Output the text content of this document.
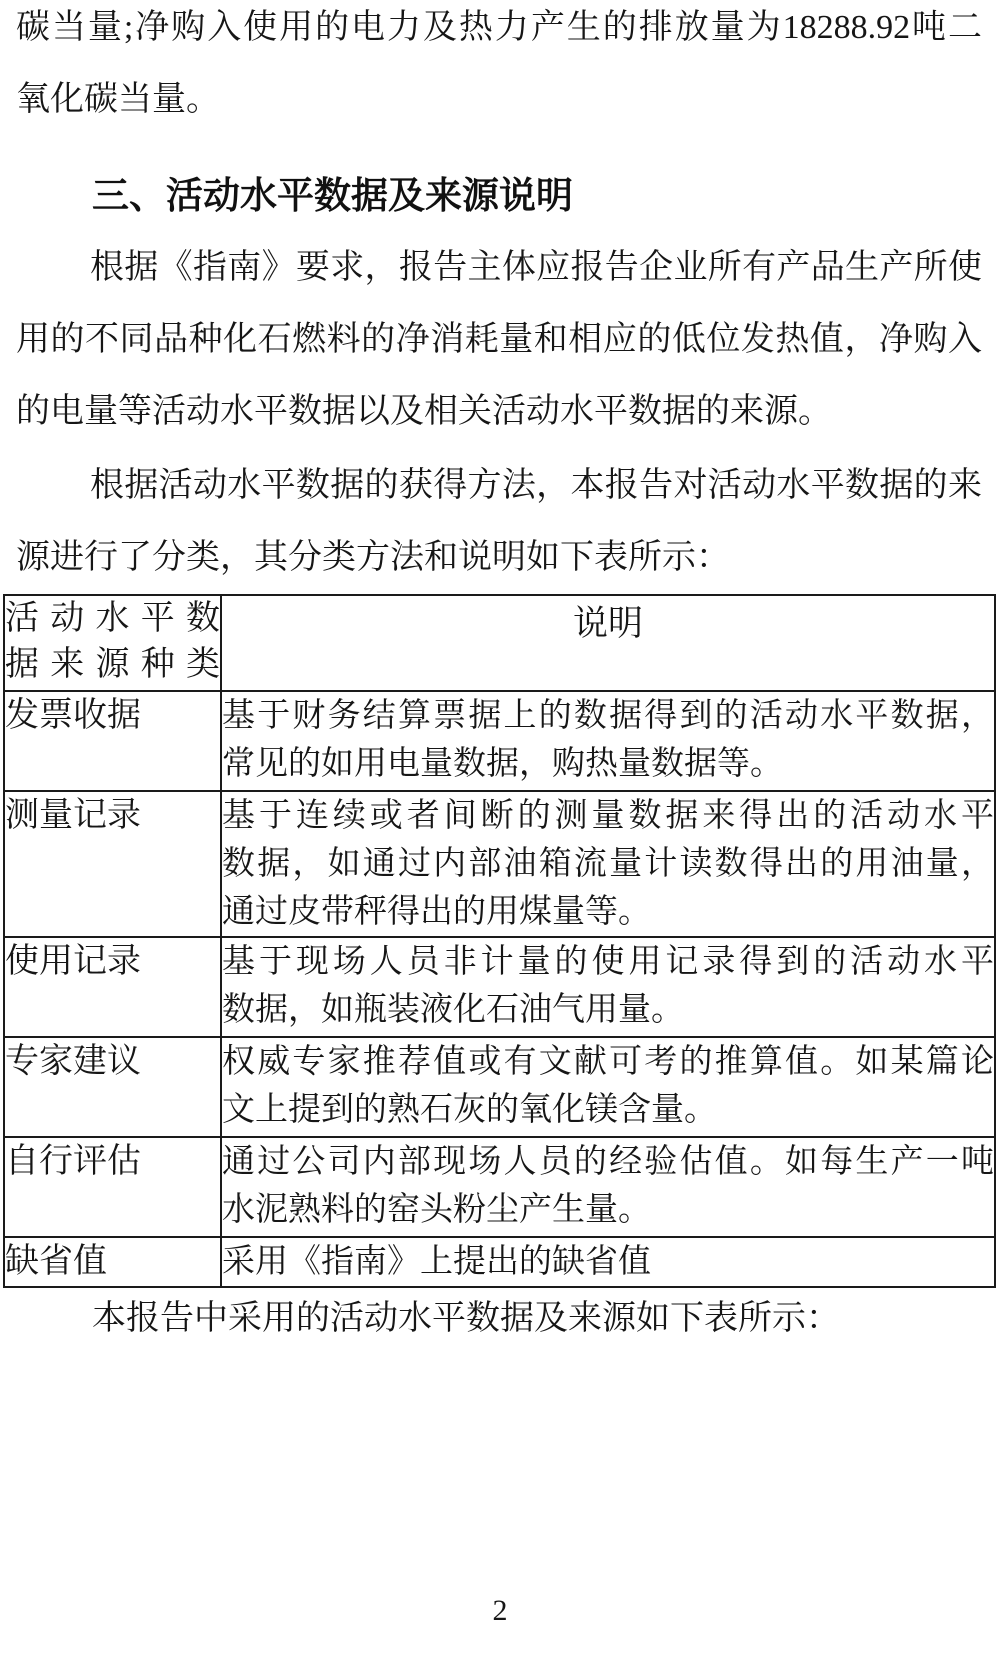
碳当量;净购入使用的电力及热力产生的排放量为18288.92吨二
氧化碳当量。
三、活动水平数据及来源说明
根据《指南》要求，报告主体应报告企业所有产品生产所使
用的不同品种化石燃料的净消耗量和相应的低位发热值，净购入
的电量等活动水平数据以及相关活动水平数据的来源。
根据活动水平数据的获得方法，本报告对活动水平数据的来
源进行了分类，其分类方法和说明如下表所示：
活动水平数
据来源种类	说明
发票收据	基于财务结算票据上的数据得到的活动水平数据，
常见的如用电量数据，购热量数据等。

测量记录	基于连续或者间断的测量数据来得出的活动水平
数据，如通过内部油箱流量计读数得出的用油量，
通过皮带秤得出的用煤量等。

使用记录	基于现场人员非计量的使用记录得到的活动水平
数据，如瓶装液化石油气用量。

专家建议	权威专家推荐值或有文献可考的推算值。如某篇论
文上提到的熟石灰的氧化镁含量。

自行评估	通过公司内部现场人员的经验估值。如每生产一吨
水泥熟料的窑头粉尘产生量。

缺省值	采用《指南》上提出的缺省值
本报告中采用的活动水平数据及来源如下表所示：
2
